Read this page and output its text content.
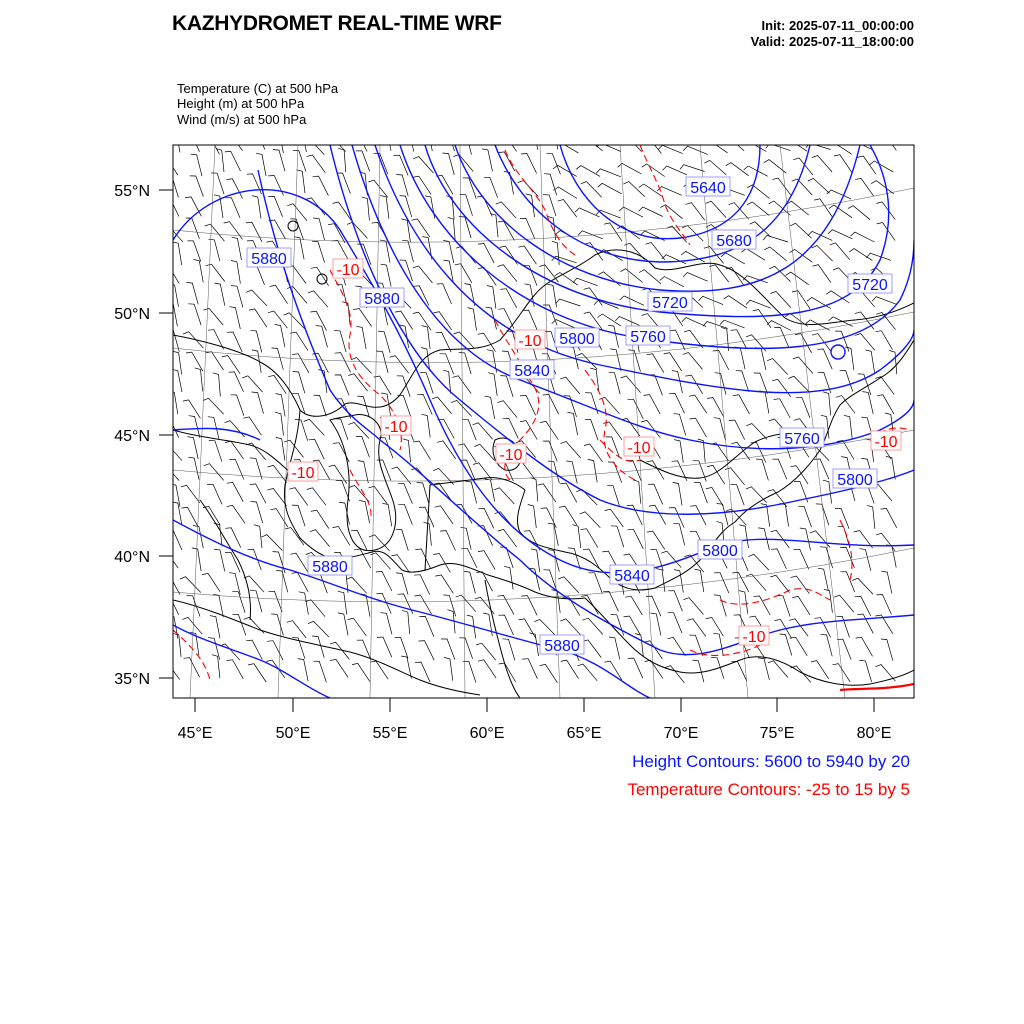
KAZHYDROMET REAL-TIME WRF	Init: 2025-07-11_00:00:00
Valid: 2025-07-11_18:00:00
Temperature (C) at 500 hPa
Height (m) at 500 hPa
Wind (m/s) at 500 hPa
45°E	50°E	55°E	60°E	65°E	70°E	75°E	80°E
55°N
50°N
45°N
40°N
35°N
5640
5680
5720
5720
5760
5760
5800
5800
5800
5840
5840
5880
5880
5880
5880
-10
-10
-10
-10
-10	-10	-10
-10
Height Contours: 5600 to 5940 by 20
Temperature Contours: -25 to 15 by 5
